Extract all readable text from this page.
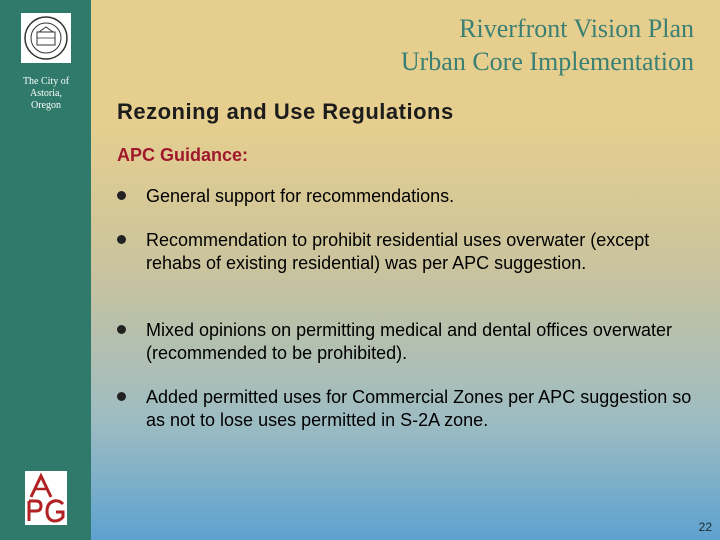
The City of
Astoria,
Oregon
Riverfront Vision Plan
Urban Core Implementation
Rezoning and Use Regulations
APC Guidance:
General support for recommendations.
Recommendation to prohibit residential uses overwater (except rehabs of existing residential) was per APC suggestion.
Mixed opinions on permitting medical and dental offices overwater (recommended to be prohibited).
Added permitted uses for Commercial Zones per APC suggestion so as not to lose uses permitted in S-2A zone.
22
